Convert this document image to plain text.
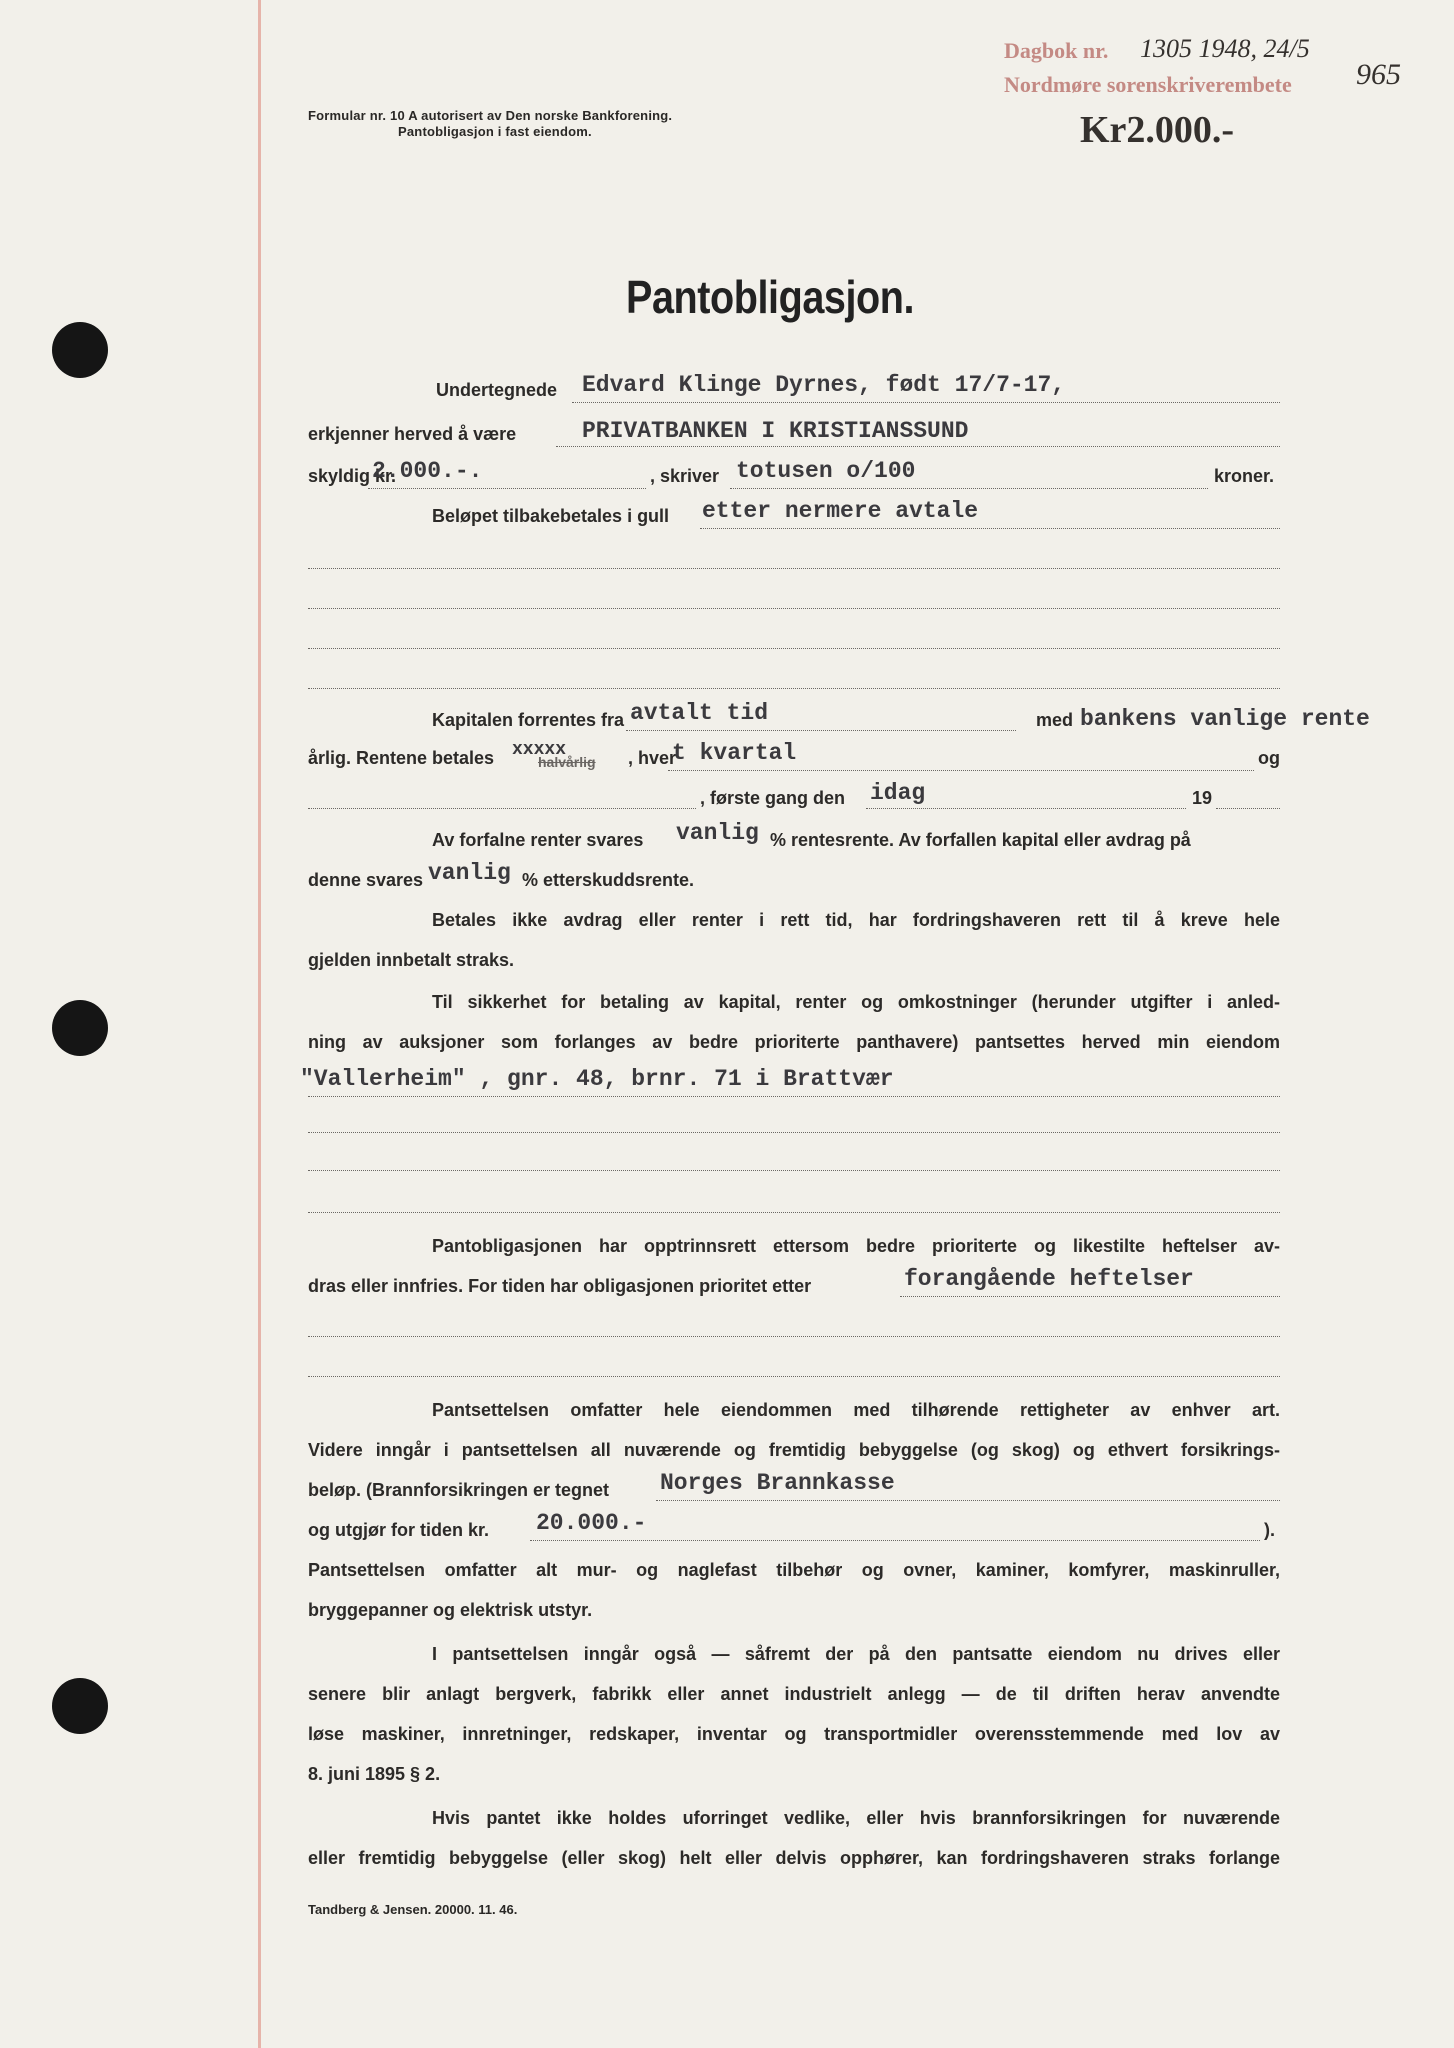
Dagbok nr. 1305 1948, 24/5
Nordmøre sorenskriverembete 965
Formular nr. 10 A autorisert av Den norske Bankforening.
Pantobligasjon i fast eiendom.	Kr2.000.-
Pantobligasjon.
Undertegnede Edvard Klinge Dyrnes, født 17/7-17,
erkjenner herved å være	PRIVATBANKEN I KRISTIANSSUND
skyldig kr.
2.000.-.	, skriver totusen o/100	kroner.
Beløpet tilbakebetales i gull etter nermere avtale
Kapitalen forrentes fra avtalt tid	med bankens vanlige rente
årlig. Rentene betales xxxxx
halvårlig , hver
t kvartal	og
, første gang den idag	19
Av forfalne renter svares vanlig % rentesrente. Av forfallen kapital eller avdrag på
denne svares vanlig % etterskuddsrente.
Betales ikke avdrag eller renter i rett tid, har fordringshaveren rett til å kreve hele
gjelden innbetalt straks.
Til sikkerhet for betaling av kapital, renter og omkostninger (herunder utgifter i anled-
ning av auksjoner som forlanges av bedre prioriterte panthavere) pantsettes herved min eiendom
"Vallerheim" , gnr. 48, brnr. 71 i Brattvær
Pantobligasjonen har opptrinnsrett ettersom bedre prioriterte og likestilte heftelser av-
dras eller innfries. For tiden har obligasjonen prioritet etter	forangående heftelser
Pantsettelsen omfatter hele eiendommen med tilhørende rettigheter av enhver art.
Videre inngår i pantsettelsen all nuværende og fremtidig bebyggelse (og skog) og ethvert forsikrings-
beløp. (Brannforsikringen er tegnet Norges Brannkasse
og utgjør for tiden kr. 20.000.-	).
Pantsettelsen omfatter alt mur- og naglefast tilbehør og ovner, kaminer, komfyrer, maskinruller,
bryggepanner og elektrisk utstyr.
I pantsettelsen inngår også — såfremt der på den pantsatte eiendom nu drives eller
senere blir anlagt bergverk, fabrikk eller annet industrielt anlegg — de til driften herav anvendte
løse maskiner, innretninger, redskaper, inventar og transportmidler overensstemmende med lov av
8. juni 1895 § 2.
Hvis pantet ikke holdes uforringet vedlike, eller hvis brannforsikringen for nuværende
eller fremtidig bebyggelse (eller skog) helt eller delvis opphører, kan fordringshaveren straks forlange
Tandberg & Jensen. 20000. 11. 46.
